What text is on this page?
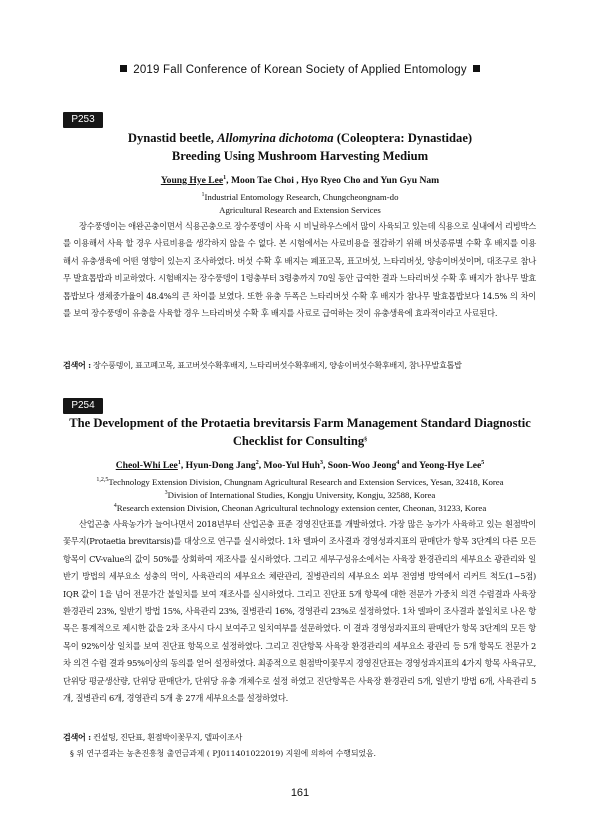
2019 Fall Conference of Korean Society of Applied Entomology
P253
Dynastid beetle, Allomyrina dichotoma (Coleoptera: Dynastidae)
Breeding Using Mushroom Harvesting Medium
Young Hye Lee$^1$, Moon Tae Choi , Hyo Ryeo Cho and Yun Gyu Nam
$^1$Industrial Entomology Research, Chungcheongnam-do
Agricultural Research and Extension Services

장수풍뎅이는 애완곤충이면서 식용곤충으로 장수풍뎅이 사육 시 비닐하우스에서 많이 사육되고 있는데 식용으로 실내에서 리빙박스를 이용해서 사육 할 경우 사료비용을 생각하지 않을 수 없다. 본 시험에서는 사료비용을 절감하기 위해 버섯종류별 수확 후 배지를 이용해서 유충생육에 어떤 영향이 있는지 조사하였다. 버섯 수확 후 배지는 폐표고목, 표고버섯, 느타리버섯, 양송이버섯이며, 대조구로 참나무 발효톱밥과 비교하였다. 시험배지는 장수풍뎅이 1령충부터 3령충까지 70일 동안 급여한 결과 느타리버섯 수확 후 배지가 참나무 발효톱밥보다 생체중가율이 48.4%의 큰 차이를 보였다. 또한 유충 두폭은 느타리버섯 수확 후 배지가 참나무 발효톱밥보다 14.5% 의 차이를 보여 장수풍뎅이 유충을 사육할 경우 느타리버섯 수확 후 배지를 사료로 급여하는 것이 유충생육에 효과적이라고 사료된다.

검색어 : 장수풍뎅이, 표고폐고목, 표고버섯수확후배지, 느타리버섯수확후배지, 양송이버섯수확후배지, 참나무발효톱밥
P254
The Development of the Protaetia brevitarsis Farm Management Standard Diagnostic
Checklist for Consulting§
Cheol-Whi Lee$^1$, Hyun-Dong Jang$^2$, Moo-Yul Huh$^3$, Soon-Woo Jeong$^4$ and Yeong-Hye Lee$^5$
$^{1,2,5}$Technology Extension Division, Chungnam Agricultural Research and Extension Services, Yesan, 32418, Korea
$^3$Division of International Studies, Kongju University, Kongju, 32588, Korea
$^4$Research extension Division, Cheonan Agricultural technology extension center, Cheonan, 31233, Korea

산업곤충 사육농가가 늘어나면서 2018년부터 산업곤충 표준 경영진단표를 개발하였다. 가장 많은 농가가 사육하고 있는 흰점박이꽃무지(Protaetia brevitarsis)를 대상으로 연구를 실시하였다. 1차 델파이 조사결과 경영성과지표의 판매단가 항목 3단계의 다른 모든 항목이 CV-value의 값이 50%를 상회하여 재조사를 실시하였다. 그리고 세부구성유소에서는 사육장 환경관리의 세부요소 광관리와 일반기 방법의 세부요소 성충의 먹이, 사육관리의 세부요소 체란관리, 질병관리의 세부요소 외부 전염병 방역에서 리커트 척도(1~5점) IQR 값이 1을 넘어 전문가간 불일치를 보여 재조사를 실시하였다. 그리고 진단표 5개 항목에 대한 전문가 가중치 의견 수렴결과 사육장 환경관리 23%, 일반기 방법 15%, 사육관리 23%, 질병관리 16%, 경영관리 23%로 설정하였다. 1차 델파이 조사결과 불일치로 나온 항목은 통계적으로 제시한 값을 2차 조사시 다시 보여주고 일치여부를 설문하였다. 이 결과 경영성과지표의 판매단가 항목 3단계의 모든 항목이 92%이상 일치를 보여 진단표 항목으로 설정하였다. 그리고 진단항목 사육장 환경관리의 세부요소 광관리 등 5개 항목도 전문가 2차 의견 수렴 결과 95%이상의 동의를 얻어 설정하였다. 최종적으로 흰점박이꽃무지 경영진단표는 경영성과지표의 4가지 항목 사육규모, 단위당 평균생산량, 단위당 판매단가, 단위당 유충 개체수로 설정 하였고 진단항목은 사육장 환경관리 5개, 일반기 방법 6개, 사육관리 5개, 질병관리 6개, 경영관리 5개 총 27개 세부요소를 설정하였다.

검색어 : 컨설팅, 진단표, 흰점박이꽃무지, 델파이조사
§ 위 연구결과는 농촌진흥청 출연금과제 ( PJ011401022019) 지원에 의하여 수행되었음.
161
